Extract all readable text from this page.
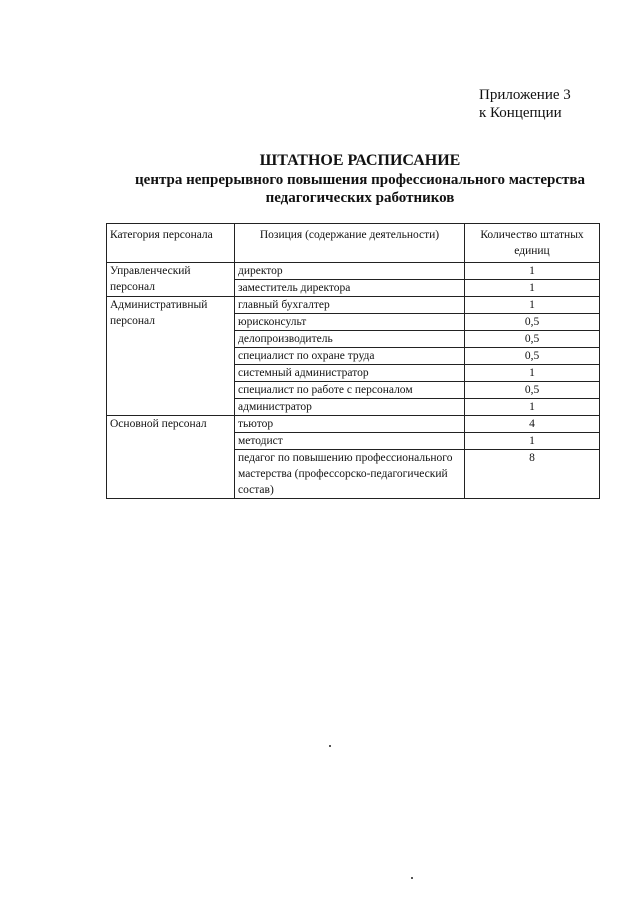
Приложение 3
к Концепции
ШТАТНОЕ РАСПИСАНИЕ
центра непрерывного повышения профессионального мастерства
педагогических работников
Категория персонала	Позиция (содержание деятельности)	Количество штатных единиц
Управленческий персонал	директор	1
	заместитель директора	1
Административный персонал	главный бухгалтер	1
	юрисконсульт	0,5
	делопроизводитель	0,5
	специалист по охране труда	0,5
	системный администратор	1
	специалист по работе с персоналом	0,5
	администратор	1
Основной персонал	тьютор	4
	методист	1
	педагог по повышению профессионального мастерства (профессорско-педагогический состав)	8
